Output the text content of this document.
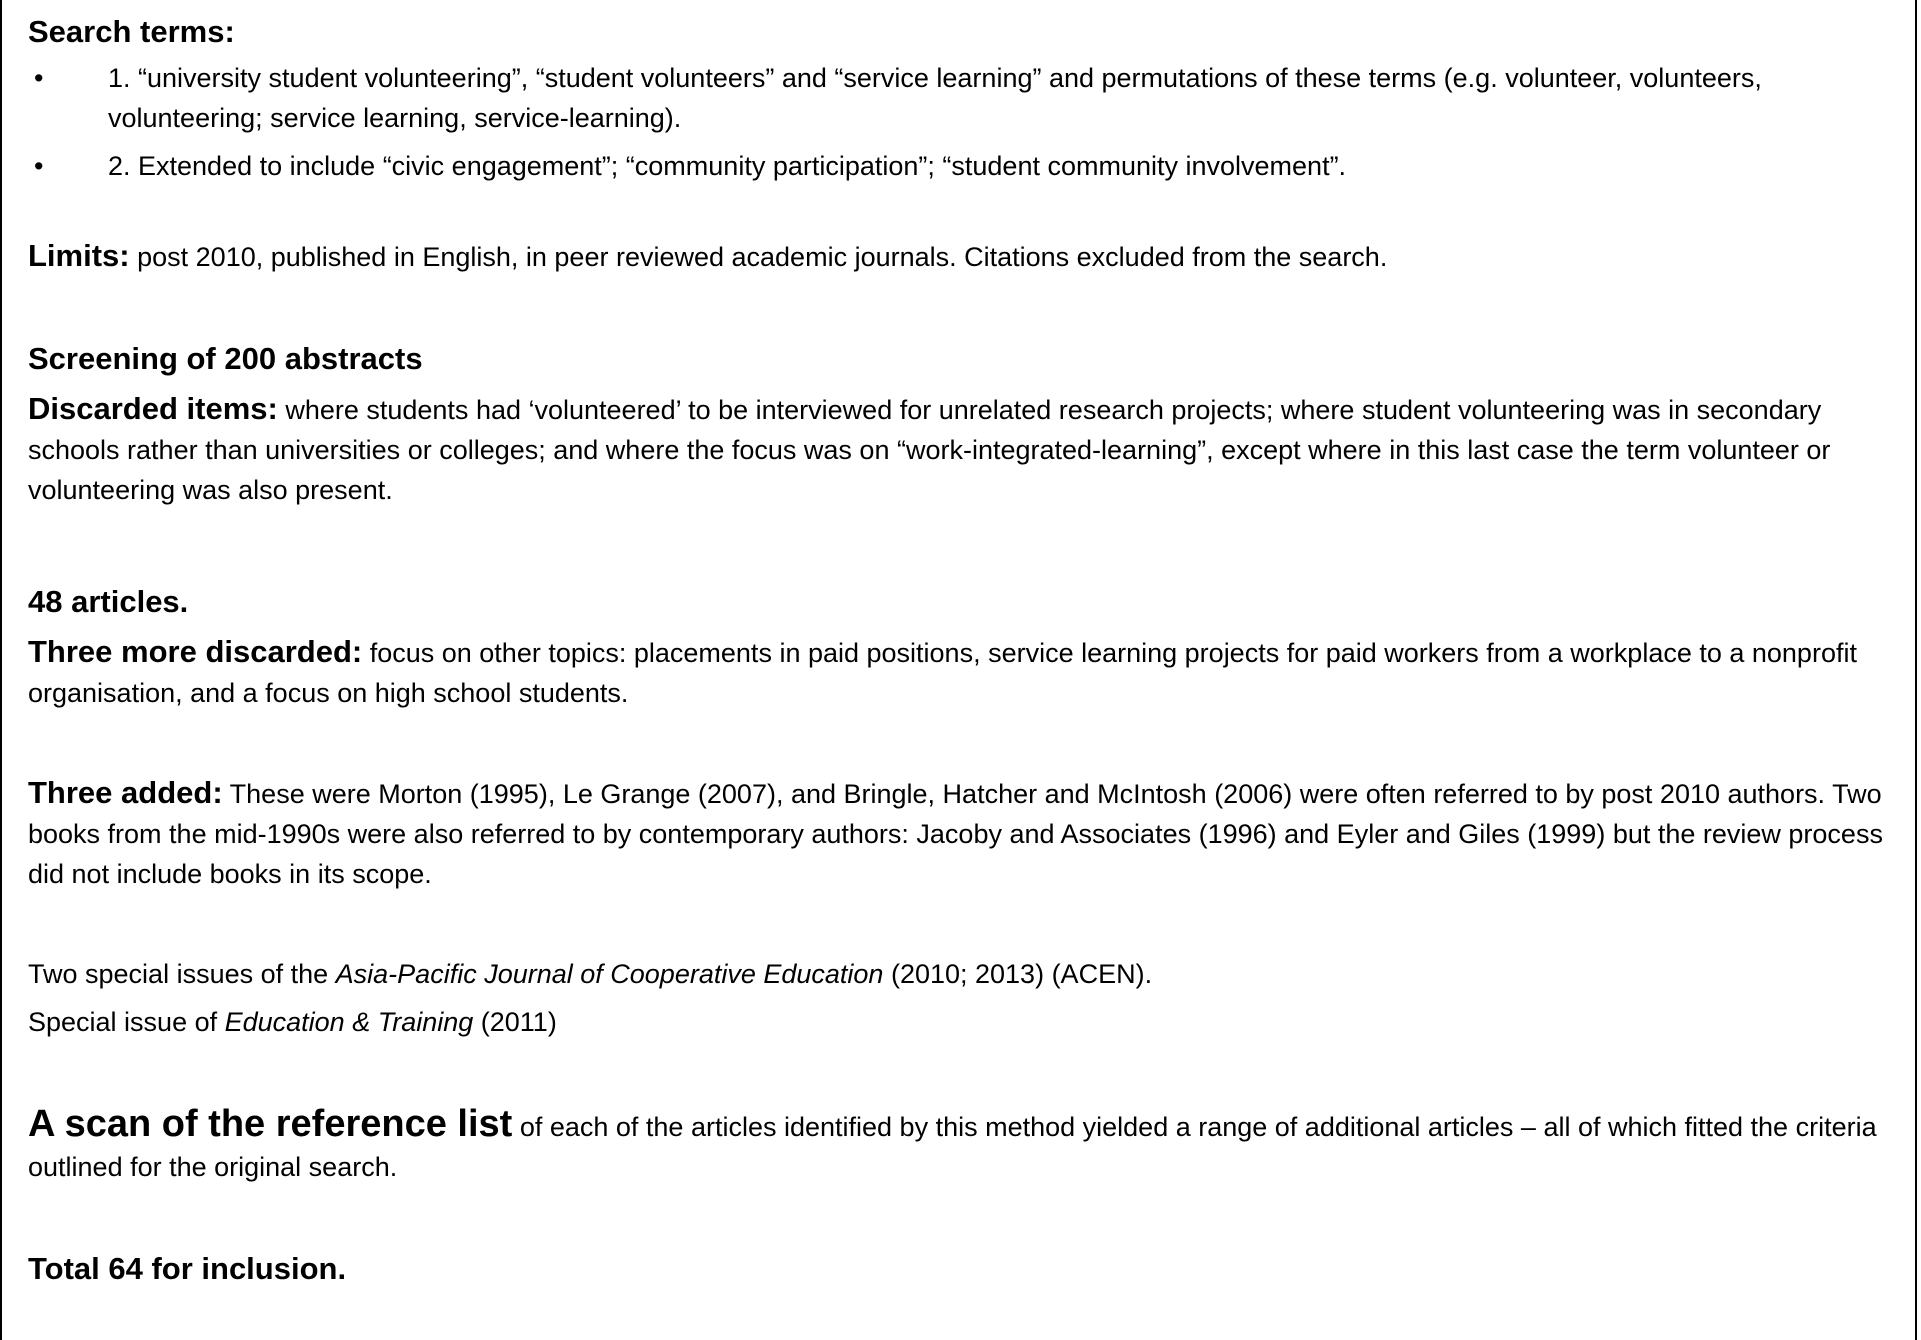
Search terms:
• 1. “university student volunteering”, “student volunteers” and “service learning” and permutations of these terms (e.g. volunteer, volunteers, volunteering; service learning, service-learning).
• 2. Extended to include “civic engagement”; “community participation”; “student community involvement”.

Limits: post 2010, published in English, in peer reviewed academic journals. Citations excluded from the search.

Screening of 200 abstracts

Discarded items: where students had ‘volunteered’ to be interviewed for unrelated research projects; where student volunteering was in secondary schools rather than universities or colleges; and where the focus was on “work-integrated-learning”, except where in this last case the term volunteer or volunteering was also present.

48 articles.

Three more discarded: focus on other topics: placements in paid positions, service learning projects for paid workers from a workplace to a nonprofit organisation, and a focus on high school students.

Three added: These were Morton (1995), Le Grange (2007), and Bringle, Hatcher and McIntosh (2006) were often referred to by post 2010 authors. Two books from the mid-1990s were also referred to by contemporary authors: Jacoby and Associates (1996) and Eyler and Giles (1999) but the review process did not include books in its scope.

Two special issues of the Asia-Pacific Journal of Cooperative Education (2010; 2013) (ACEN).

Special issue of Education & Training (2011)

A scan of the reference list of each of the articles identified by this method yielded a range of additional articles – all of which fitted the criteria outlined for the original search.

Total 64 for inclusion.
